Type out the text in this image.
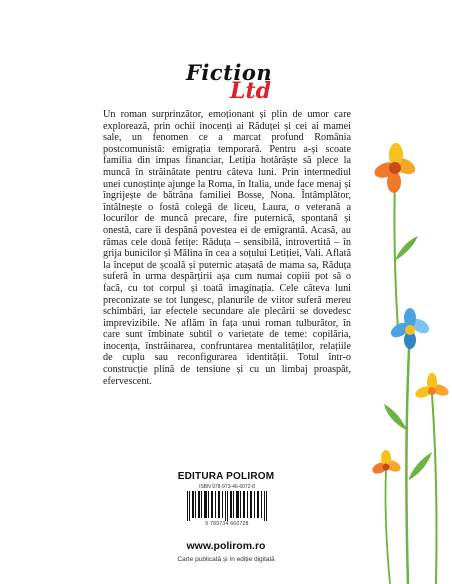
Fiction
Ltd

Un roman surprinzător, emoționant și plin de umor care explorează, prin ochii inocenți ai Răduței și cei ai mamei sale, un fenomen ce a marcat profund România postcomunistă: emigrația temporară. Pentru a-și scoate familia din impas financiar, Letiția hotărăște să plece la muncă în străinătate pentru câteva luni. Prin intermediul unei cunoștințe ajunge la Roma, în Italia, unde face menaj și îngrijește de bătrâna familiei Bosse, Nona. Întâmplător, întâlnește o fostă colegă de liceu, Laura, o veterană a locurilor de muncă precare, fire puternică, spontană și onestă, care îi despână povestea ei de emigrantă. Acasă, au rămas cele două fetițe: Răduța – sensibilă, introvertită – în grija bunicilor și Mălina în cea a soțului Letiției, Vali. Aflată la început de școală și puternic atașată de mama sa, Răduța suferă în urma despărțirii așa cum numai copiii pot să o facă, cu tot corpul și toată imaginația. Cele câteva luni preconizate se tot lungesc, planurile de viitor suferă mereu schimbări, iar efectele secundare ale plecării se dovedesc imprevizibile. Ne aflăm în fața unui roman tulburător, în care sunt îmbinate subtil o varietate de teme: copilăria, inocența, înstrăinarea, confruntarea mentalităților, relațiile de cuplu sau reconfigurarea identității. Totul într-o construcție plină de tensiune și cu un limbaj proaspăt, efervescent.

EDITURA POLIROM
ISBN 978-973-46-6072-8
9 789734 660728
www.polirom.ro
Carte publicată și în ediție digitală
